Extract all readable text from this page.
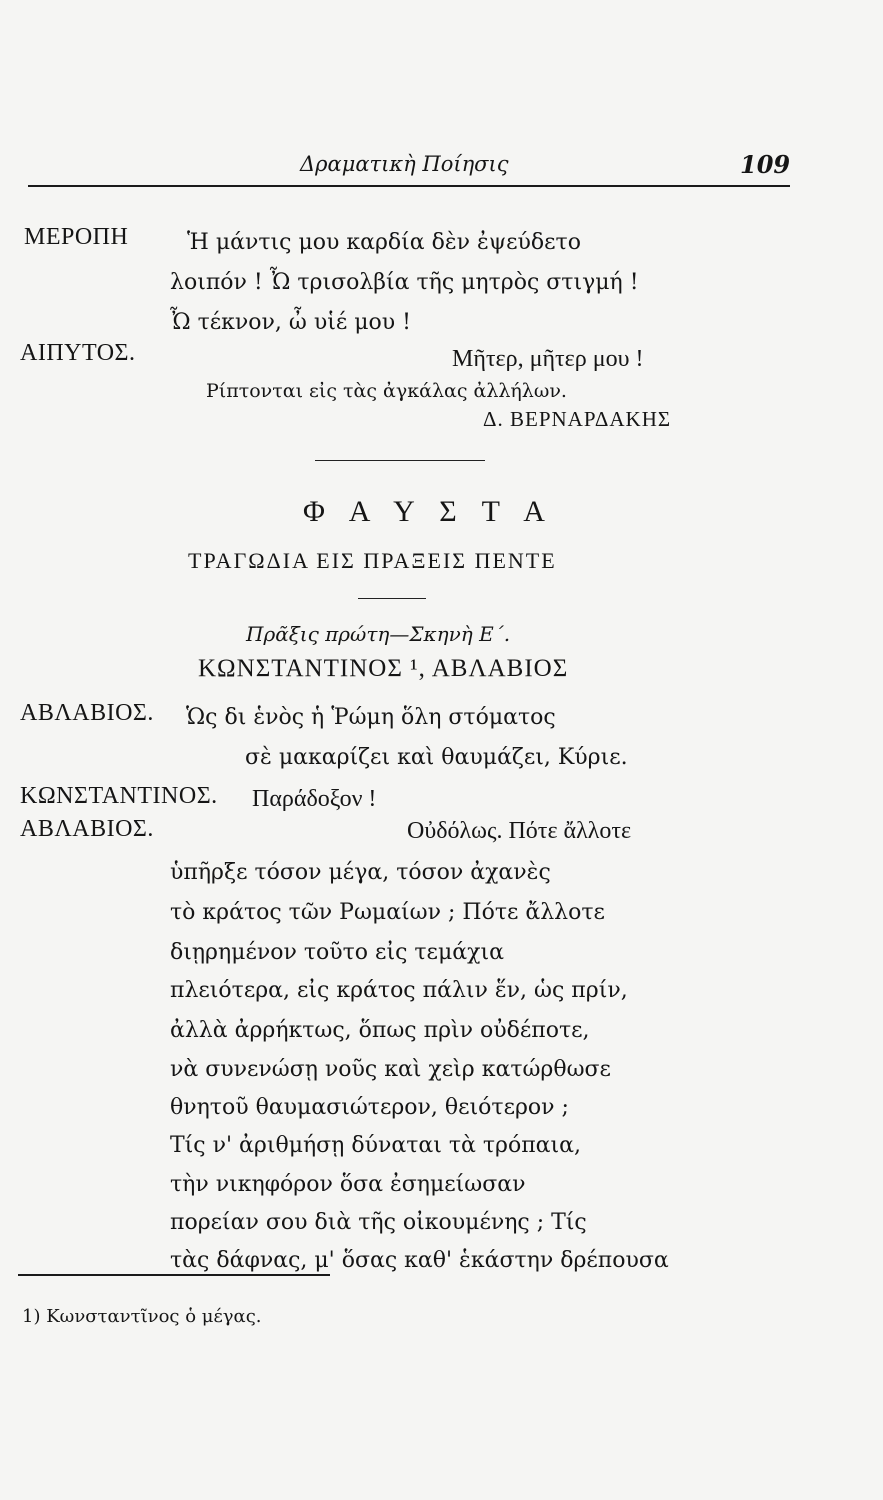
Δραματικὴ Ποίησις	109
ΜΕΡΟΠΗ	Ἡ μάντις μου καρδία δὲν ἐψεύδετο
λοιπόν ! Ὦ τρισολβία τῆς μητρὸς στιγμή !
Ὦ τέκνον, ὦ υἱέ μου !
ΑΙΠΥΤΟΣ.	Μῆτερ, μῆτερ μου !
Ρίπτονται εἰς τὰς ἀγκάλας ἀλλήλων.
Δ. ΒΕΡΝΑΡΔΑΚΗΣ
Φ Α Υ Σ Τ Α
ΤΡΑΓΩΔΙΑ ΕΙΣ ΠΡΑΞΕΙΣ ΠΕΝΤΕ
Πρᾶξις πρώτη—Σκηνὴ Ε΄.
ΚΩΝΣΤΑΝΤΙΝΟΣ ¹, ΑΒΛΑΒΙΟΣ
ΑΒΛΑΒΙΟΣ. Ὡς δι ἑνὸς ἡ Ῥώμη ὅλη στόματος
σὲ μακαρίζει καὶ θαυμάζει, Κύριε.
ΚΩΝΣΤΑΝΤΙΝΟΣ. Παράδοξον !
ΑΒΛΑΒΙΟΣ.	Οὐδόλως. Πότε ἄλλοτε
ὑπῆρξε τόσον μέγα, τόσον ἀχανὲς
τὸ κράτος τῶν Ρωμαίων ; Πότε ἄλλοτε
διῃρημένον τοῦτο εἰς τεμάχια
πλειότερα, εἰς κράτος πάλιν ἕν, ὡς πρίν,
ἀλλὰ ἀρρήκτως, ὅπως πρὶν οὐδέποτε,
νὰ συνενώσῃ νοῦς καὶ χεὶρ κατώρθωσε
θνητοῦ θαυμασιώτερον, θειότερον ;
Τίς ν' ἀριθμήσῃ δύναται τὰ τρόπαια,
τὴν νικηφόρον ὅσα ἐσημείωσαν
πορείαν σου διὰ τῆς οἰκουμένης ; Τίς
τὰς δάφνας, μ' ὅσας καθ' ἑκάστην δρέπουσα
1) Κωνσταντῖνος ὁ μέγας.
